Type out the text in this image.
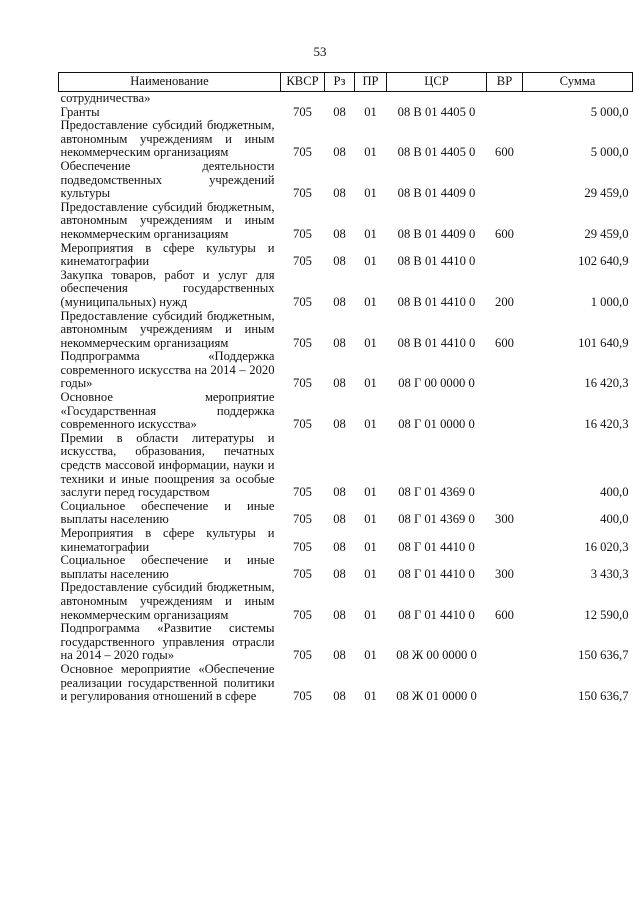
53
Наименование	КВСР	Рз	ПР	ЦСР	ВР	Сумма
сотрудничества»						
Гранты	705	08	01	08 В 01 4405 0		5 000,0
Предоставление субсидий бюджетным, автономным учреждениям и иным некоммерческим организациям	705	08	01	08 В 01 4405 0	600	5 000,0
Обеспечение деятельности подведомственных учреждений культуры	705	08	01	08 В 01 4409 0		29 459,0
Предоставление субсидий бюджетным, автономным учреждениям и иным некоммерческим организациям	705	08	01	08 В 01 4409 0	600	29 459,0
Мероприятия в сфере культуры и кинематографии	705	08	01	08 В 01 4410 0		102 640,9
Закупка товаров, работ и услуг для обеспечения государственных (муниципальных) нужд	705	08	01	08 В 01 4410 0	200	1 000,0
Предоставление субсидий бюджетным, автономным учреждениям и иным некоммерческим организациям	705	08	01	08 В 01 4410 0	600	101 640,9
Подпрограмма «Поддержка современного искусства на 2014 – 2020 годы»	705	08	01	08 Г 00 0000 0		16 420,3
Основное мероприятие «Государственная поддержка современного искусства»	705	08	01	08 Г 01 0000 0		16 420,3
Премии в области литературы и искусства, образования, печатных средств массовой информации, науки и техники и иные поощрения за особые заслуги перед государством	705	08	01	08 Г 01 4369 0		400,0
Социальное обеспечение и иные выплаты населению	705	08	01	08 Г 01 4369 0	300	400,0
Мероприятия в сфере культуры и кинематографии	705	08	01	08 Г 01 4410 0		16 020,3
Социальное обеспечение и иные выплаты населению	705	08	01	08 Г 01 4410 0	300	3 430,3
Предоставление субсидий бюджетным, автономным учреждениям и иным некоммерческим организациям	705	08	01	08 Г 01 4410 0	600	12 590,0
Подпрограмма «Развитие системы государственного управления отрасли на 2014 – 2020 годы»	705	08	01	08 Ж 00 0000 0		150 636,7
Основное мероприятие «Обеспечение реализации государственной политики и регулирования отношений в сфере	705	08	01	08 Ж 01 0000 0		150 636,7
